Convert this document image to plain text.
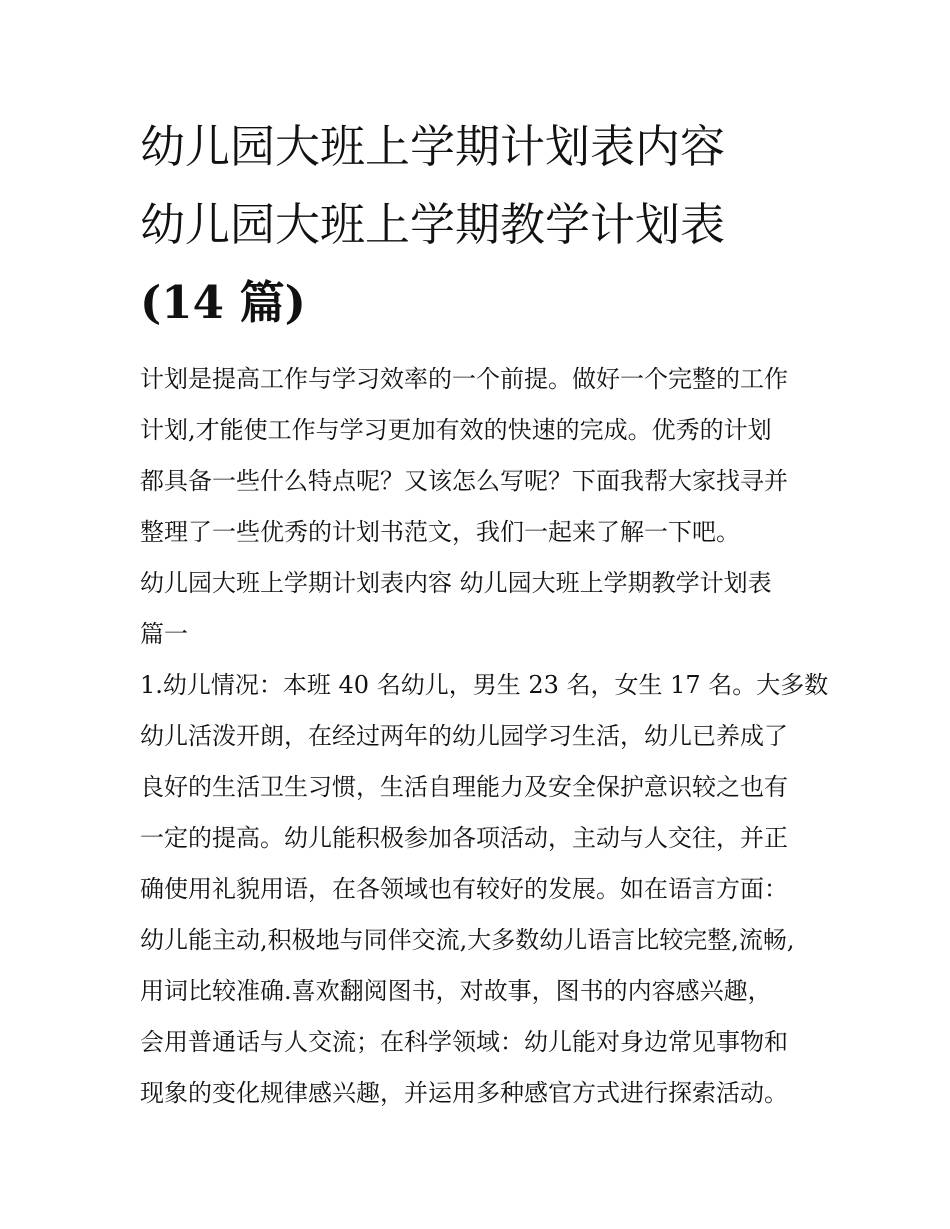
幼儿园大班上学期计划表内容
幼儿园大班上学期教学计划表
(14 篇)
计划是提高工作与学习效率的一个前提。做好一个完整的工作
计划,才能使工作与学习更加有效的快速的完成。优秀的计划
都具备一些什么特点呢？又该怎么写呢？下面我帮大家找寻并
整理了一些优秀的计划书范文，我们一起来了解一下吧。
幼儿园大班上学期计划表内容 幼儿园大班上学期教学计划表
篇一
1.幼儿情况：本班 40 名幼儿，男生 23 名，女生 17 名。大多数
幼儿活泼开朗，在经过两年的幼儿园学习生活，幼儿已养成了
良好的生活卫生习惯，生活自理能力及安全保护意识较之也有
一定的提高。幼儿能积极参加各项活动，主动与人交往，并正
确使用礼貌用语，在各领域也有较好的发展。如在语言方面：
幼儿能主动,积极地与同伴交流,大多数幼儿语言比较完整,流畅,
用词比较准确.喜欢翻阅图书，对故事，图书的内容感兴趣，
会用普通话与人交流；在科学领域：幼儿能对身边常见事物和
现象的变化规律感兴趣，并运用多种感官方式进行探索活动。
